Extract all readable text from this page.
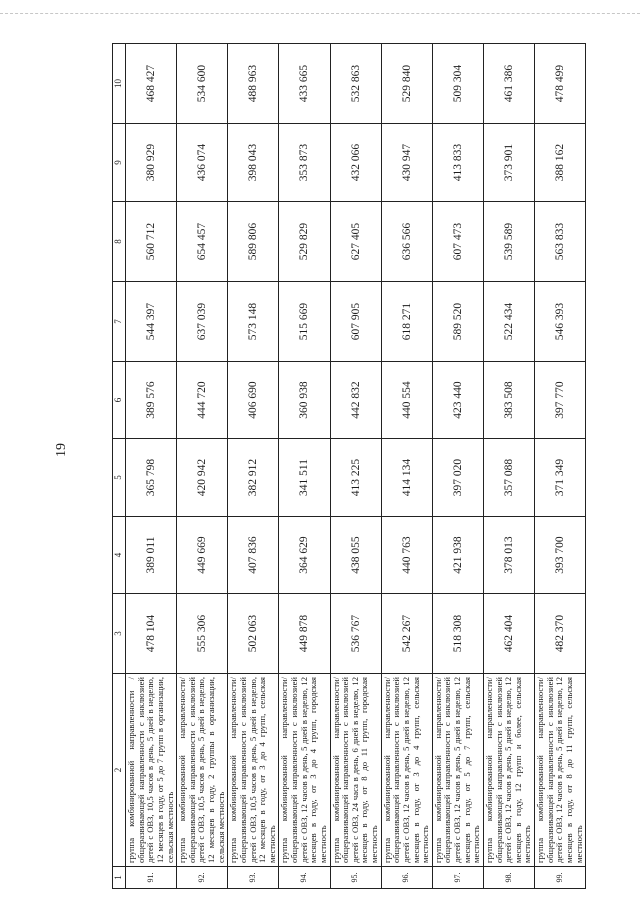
19
1	2	3	4	5	6	7	8	9	10
91.	группа комбинированной направленности / общеразвивающей направленности с инклюзией детей с ОВЗ, 10,5 часов в день, 5 дней в неделю, 12 месяцев в году, от 5 до 7 групп в организации, сельская местность	478 104	389 011	365 798	389 576	544 397	560 712	380 929	468 427
92.	группа комбинированной направленности/ общеразвивающей направленности с инклюзией детей с ОВЗ, 10,5 часов в день, 5 дней в неделю, 12 месяцев в году, 2 группы в организации, сельская местность	555 306	449 669	420 942	444 720	637 039	654 457	436 074	534 600
93.	группа комбинированной направленности/ общеразвивающей направленности с инклюзией детей с ОВЗ, 10,5 часов в день, 5 дней в неделю, 12 месяцев в году, от 3 до 4 групп, сельская местность	502 063	407 836	382 912	406 690	573 148	589 806	398 043	488 963
94.	группа комбинированной направленности/общеразвивающей направленности с инклюзией детей с ОВЗ, 12 часов в день, 5 дней в неделю, 12 месяцев в году, от 3 до 4 групп, городская местность	449 878	364 629	341 511	360 938	515 669	529 829	353 873	433 665
95.	группа комбинированной направленности/ общеразвивающей направленности с инклюзией детей с ОВЗ, 24 часа в день, 6 дней в неделю, 12 месяцев в году, от 8 до 11 групп, городская местность	536 767	438 055	413 225	442 832	607 905	627 405	432 066	532 863
96.	группа комбинированной направленности/ общеразвивающей направленности с инклюзией детей с ОВЗ, 12 часов в день, 5 дней в неделю, 12 месяцев в году, от 3 до 4 групп, сельская местность	542 267	440 763	414 134	440 554	618 271	636 566	430 947	529 840
97.	группа комбинированной направленности/ общеразвивающей направленности с инклюзией детей с ОВЗ, 12 часов в день, 5 дней в неделю, 12 месяцев в году, от 5 до 7 групп, сельская местность	518 308	421 938	397 020	423 440	589 520	607 473	413 833	509 304
98.	группа комбинированной направленности/ общеразвивающей направленности с инклюзией детей с ОВЗ, 12 часов в день, 5 дней в неделю, 12 месяцев в году, 12 групп и более, сельская местность	462 404	378 013	357 088	383 508	522 434	539 589	373 901	461 386
99.	группа комбинированной направленности/ общеразвивающей направленности с инклюзией детей с ОВЗ, 12 часов в день, 5 дней в неделю, 12 месяцев в году, от 8 до 11 групп, сельская местность	482 370	393 700	371 349	397 770	546 393	563 833	388 162	478 499
